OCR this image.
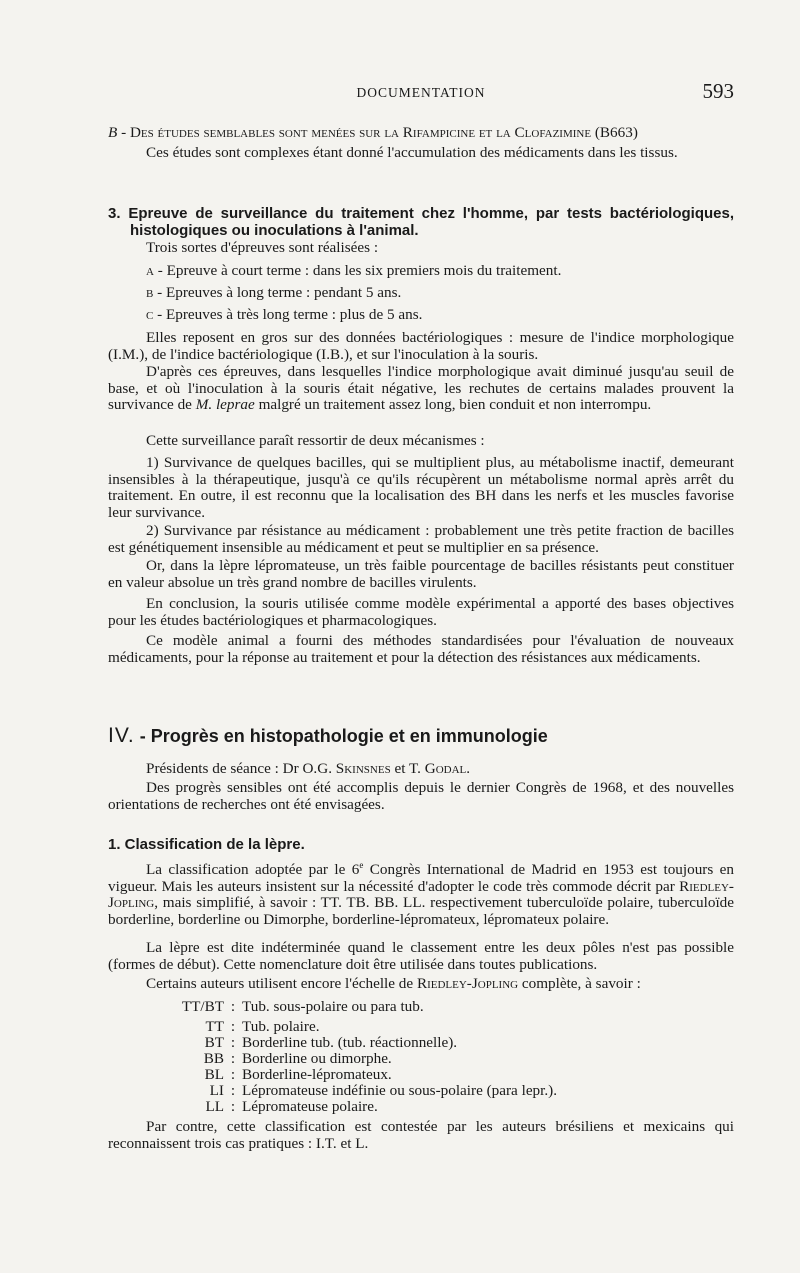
DOCUMENTATION	593

B - Des études semblables sont menées sur la Rifampicine et la Clofazimine (B663)

Ces études sont complexes étant donné l'accumulation des médicaments dans les tissus.

3. Epreuve de surveillance du traitement chez l'homme, par tests bactériologiques, histologiques ou inoculations à l'animal.

Trois sortes d'épreuves sont réalisées :

a - Epreuve à court terme : dans les six premiers mois du traitement.

b - Epreuves à long terme : pendant 5 ans.

c - Epreuves à très long terme : plus de 5 ans.

Elles reposent en gros sur des données bactériologiques : mesure de l'indice morphologique (I.M.), de l'indice bactériologique (I.B.), et sur l'inoculation à la souris.

D'après ces épreuves, dans lesquelles l'indice morphologique avait diminué jusqu'au seuil de base, et où l'inoculation à la souris était négative, les rechutes de certains malades prouvent la survivance de M. leprae malgré un traitement assez long, bien conduit et non interrompu.

Cette surveillance paraît ressortir de deux mécanismes :

1) Survivance de quelques bacilles, qui se multiplient plus, au métabolisme inactif, demeurant insensibles à la thérapeutique, jusqu'à ce qu'ils récupèrent un métabolisme normal après arrêt du traitement. En outre, il est reconnu que la localisation des BH dans les nerfs et les muscles favorise leur survivance.

2) Survivance par résistance au médicament : probablement une très petite fraction de bacilles est génétiquement insensible au médicament et peut se multiplier en sa présence.

Or, dans la lèpre lépromateuse, un très faible pourcentage de bacilles résistants peut constituer en valeur absolue un très grand nombre de bacilles virulents.

En conclusion, la souris utilisée comme modèle expérimental a apporté des bases objectives pour les études bactériologiques et pharmacologiques.

Ce modèle animal a fourni des méthodes standardisées pour l'évaluation de nouveaux médicaments, pour la réponse au traitement et pour la détection des résistances aux médicaments.

IV. - Progrès en histopathologie et en immunologie

Présidents de séance : Dr O.G. Skinsnes et T. Godal.

Des progrès sensibles ont été accomplis depuis le dernier Congrès de 1968, et des nouvelles orientations de recherches ont été envisagées.

1. Classification de la lèpre.

La classification adoptée par le 6e Congrès International de Madrid en 1953 est toujours en vigueur. Mais les auteurs insistent sur la nécessité d'adopter le code très commode décrit par Riedley-Jopling, mais simplifié, à savoir : TT. TB. BB. LL. respectivement tuberculoïde polaire, tuberculoïde borderline, borderline ou Dimorphe, borderline-lépromateux, lépromateux polaire.

La lèpre est dite indéterminée quand le classement entre les deux pôles n'est pas possible (formes de début). Cette nomenclature doit être utilisée dans toutes publications.

Certains auteurs utilisent encore l'échelle de Riedley-Jopling complète, à savoir :

TT/BT : Tub. sous-polaire ou para tub.
TT : Tub. polaire.
BT : Borderline tub. (tub. réactionnelle).
BB : Borderline ou dimorphe.
BL : Borderline-lépromateux.
LI : Lépromateuse indéfinie ou sous-polaire (para lepr.).
LL : Lépromateuse polaire.

Par contre, cette classification est contestée par les auteurs brésiliens et mexicains qui reconnaissent trois cas pratiques : I.T. et L.
